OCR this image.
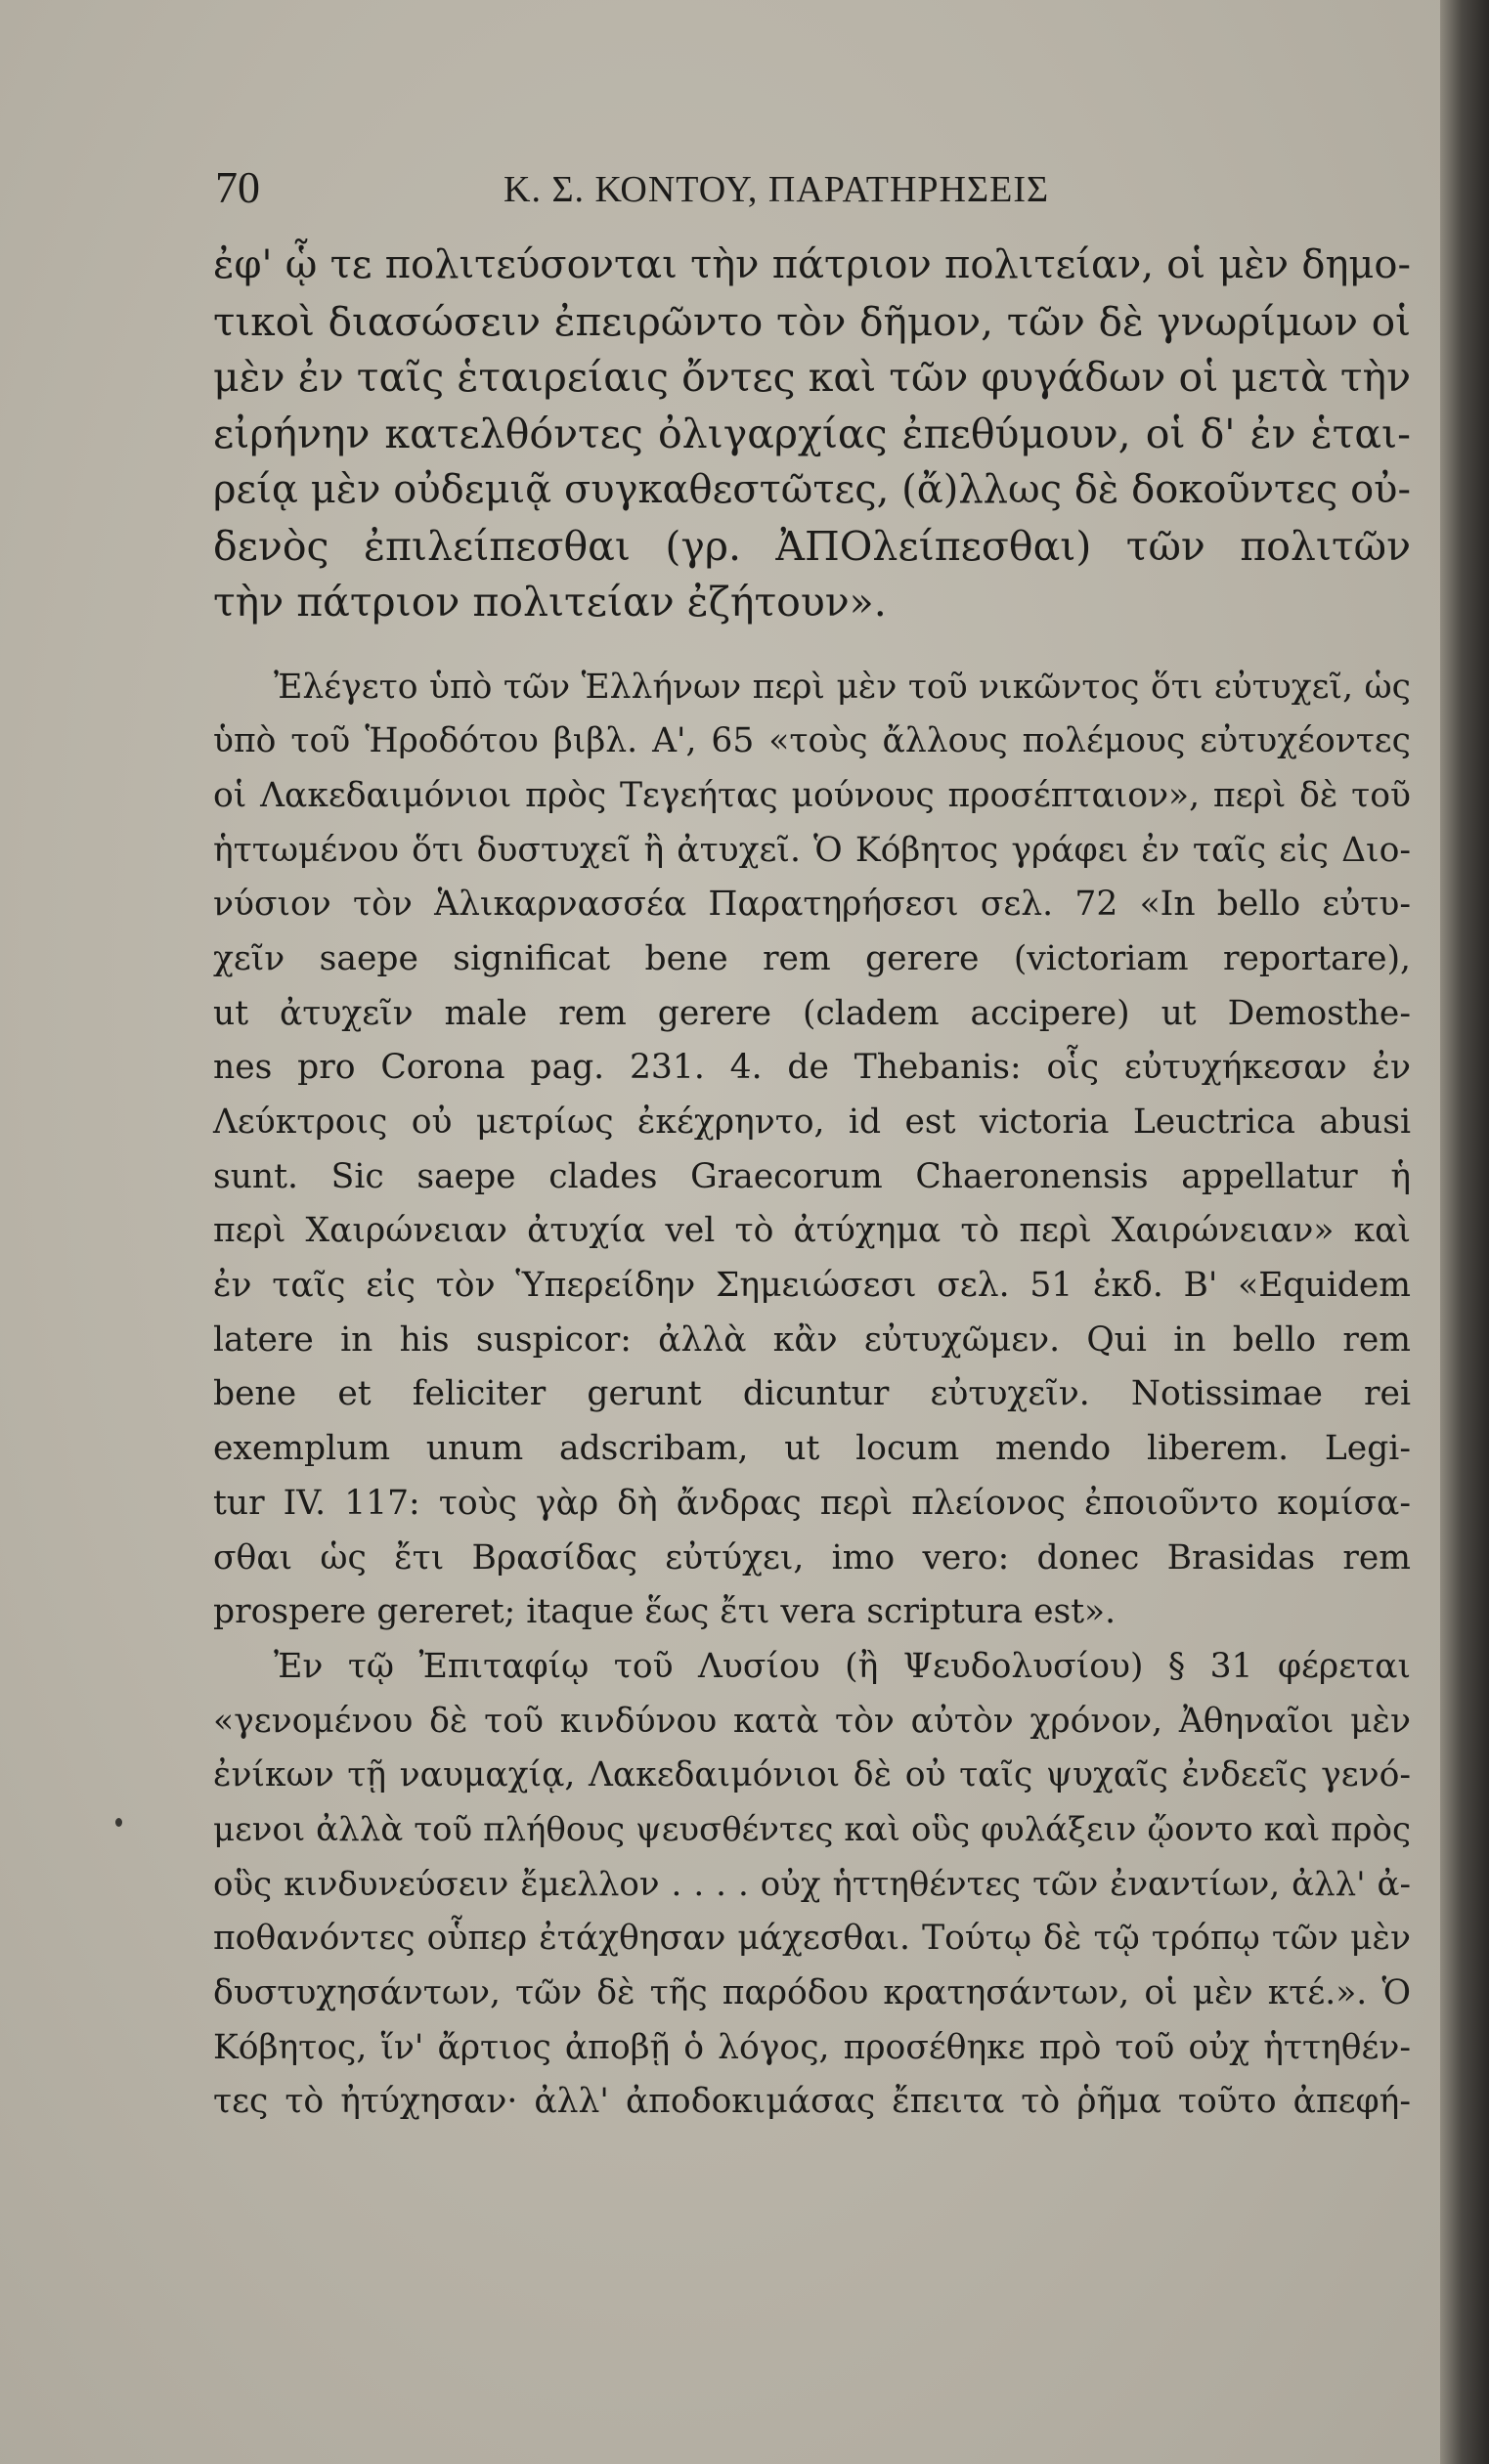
70	Κ. Σ. ΚΟΝΤΟΥ, ΠΑΡΑΤΗΡΗΣΕΙΣ
ἐφ' ᾧ τε πολιτεύσονται τὴν πάτριον πολιτείαν, οἱ μὲν δημο-
τικοὶ διασώσειν ἐπειρῶντο τὸν δῆμον, τῶν δὲ γνωρίμων οἱ
μὲν ἐν ταῖς ἑταιρείαις ὄντες καὶ τῶν φυγάδων οἱ μετὰ τὴν
εἰρήνην κατελθόντες ὀλιγαρχίας ἐπεθύμουν, οἱ δ' ἐν ἑται-
ρείᾳ μὲν οὐδεμιᾷ συγκαθεστῶτες, (ἄ)λλως δὲ δοκοῦντες οὐ-
δενὸς ἐπιλείπεσθαι (γρ. ἈΠΟλείπεσθαι) τῶν πολιτῶν
τὴν πάτριον πολιτείαν ἐζήτουν».
Ἐλέγετο ὑπὸ τῶν Ἑλλήνων περὶ μὲν τοῦ νικῶντος ὅτι εὐτυχεῖ, ὡς
ὑπὸ τοῦ Ἡροδότου βιβλ. Α', 65 «τοὺς ἄλλους πολέμους εὐτυχέοντες
οἱ Λακεδαιμόνιοι πρὸς Τεγεήτας μούνους προσέπταιον», περὶ δὲ τοῦ
ἡττωμένου ὅτι δυστυχεῖ ἢ ἀτυχεῖ. Ὁ Κόβητος γράφει ἐν ταῖς εἰς Διο-
νύσιον τὸν Ἁλικαρνασσέα Παρατηρήσεσι σελ. 72 «In bello εὐτυ-
χεῖν saepe significat bene rem gerere (victoriam reportare),
ut ἀτυχεῖν male rem gerere (cladem accipere) ut Demosthe-
nes pro Corona pag. 231. 4. de Thebanis: οἷς εὐτυχήκεσαν ἐν
Λεύκτροις οὐ μετρίως ἐκέχρηντο, id est victoria Leuctrica abusi
sunt. Sic saepe clades Graecorum Chaeronensis appellatur ἡ
περὶ Χαιρώνειαν ἀτυχία vel τὸ ἀτύχημα τὸ περὶ Χαιρώνειαν» καὶ
ἐν ταῖς εἰς τὸν Ὑπερείδην Σημειώσεσι σελ. 51 ἐκδ. Β' «Equidem
latere in his suspicor: ἀλλὰ κἂν εὐτυχῶμεν. Qui in bello rem
bene et feliciter gerunt dicuntur εὐτυχεῖν. Notissimae rei
exemplum unum adscribam, ut locum mendo liberem. Legi-
tur IV. 117: τοὺς γὰρ δὴ ἄνδρας περὶ πλείονος ἐποιοῦντο κομίσα-
σθαι ὡς ἔτι Βρασίδας εὐτύχει, imo vero: donec Brasidas rem
prospere gereret; itaque ἕως ἔτι vera scriptura est».
Ἐν τῷ Ἐπιταφίῳ τοῦ Λυσίου (ἢ Ψευδολυσίου) § 31 φέρεται
«γενομένου δὲ τοῦ κινδύνου κατὰ τὸν αὐτὸν χρόνον, Ἀθηναῖοι μὲν
ἐνίκων τῇ ναυμαχίᾳ, Λακεδαιμόνιοι δὲ οὐ ταῖς ψυχαῖς ἐνδεεῖς γενό-
μενοι ἀλλὰ τοῦ πλήθους ψευσθέντες καὶ οὓς φυλάξειν ᾤοντο καὶ πρὸς
οὓς κινδυνεύσειν ἔμελλον . . . . οὐχ ἡττηθέντες τῶν ἐναντίων, ἀλλ' ἀ-
ποθανόντες οὗπερ ἐτάχθησαν μάχεσθαι. Τούτῳ δὲ τῷ τρόπῳ τῶν μὲν
δυστυχησάντων, τῶν δὲ τῆς παρόδου κρατησάντων, οἱ μὲν κτέ.». Ὁ
Κόβητος, ἵν' ἄρτιος ἀποβῇ ὁ λόγος, προσέθηκε πρὸ τοῦ οὐχ ἡττηθέν-
τες τὸ ἠτύχησαν· ἀλλ' ἀποδοκιμάσας ἔπειτα τὸ ῥῆμα τοῦτο ἀπεφή-
